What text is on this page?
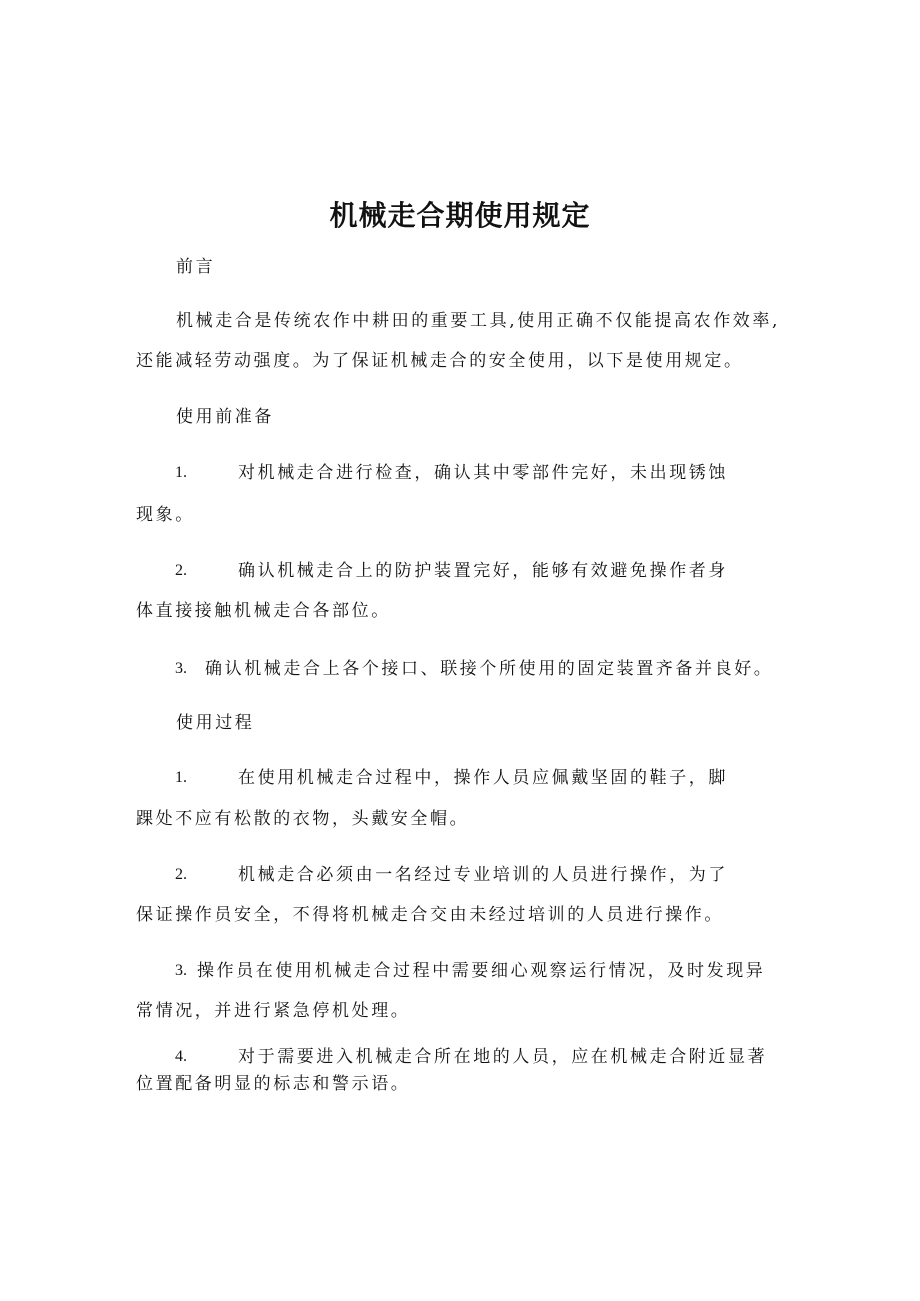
机械走合期使用规定
前言
机械走合是传统农作中耕田的重要工具,使用正确不仅能提高农作效率,
还能减轻劳动强度。为了保证机械走合的安全使用，以下是使用规定。
使用前准备
1.	对机械走合进行检查，确认其中零部件完好，未出现锈蚀
现象。
2.	确认机械走合上的防护装置完好，能够有效避免操作者身
体直接接触机械走合各部位。
3. 确认机械走合上各个接口、联接个所使用的固定装置齐备并良好。
使用过程
1.	在使用机械走合过程中，操作人员应佩戴坚固的鞋子，脚
踝处不应有松散的衣物，头戴安全帽。
2.	机械走合必须由一名经过专业培训的人员进行操作，为了
保证操作员安全，不得将机械走合交由未经过培训的人员进行操作。
3. 操作员在使用机械走合过程中需要细心观察运行情况，及时发现异
常情况，并进行紧急停机处理。
4.	对于需要进入机械走合所在地的人员，应在机械走合附近显著
位置配备明显的标志和警示语。
